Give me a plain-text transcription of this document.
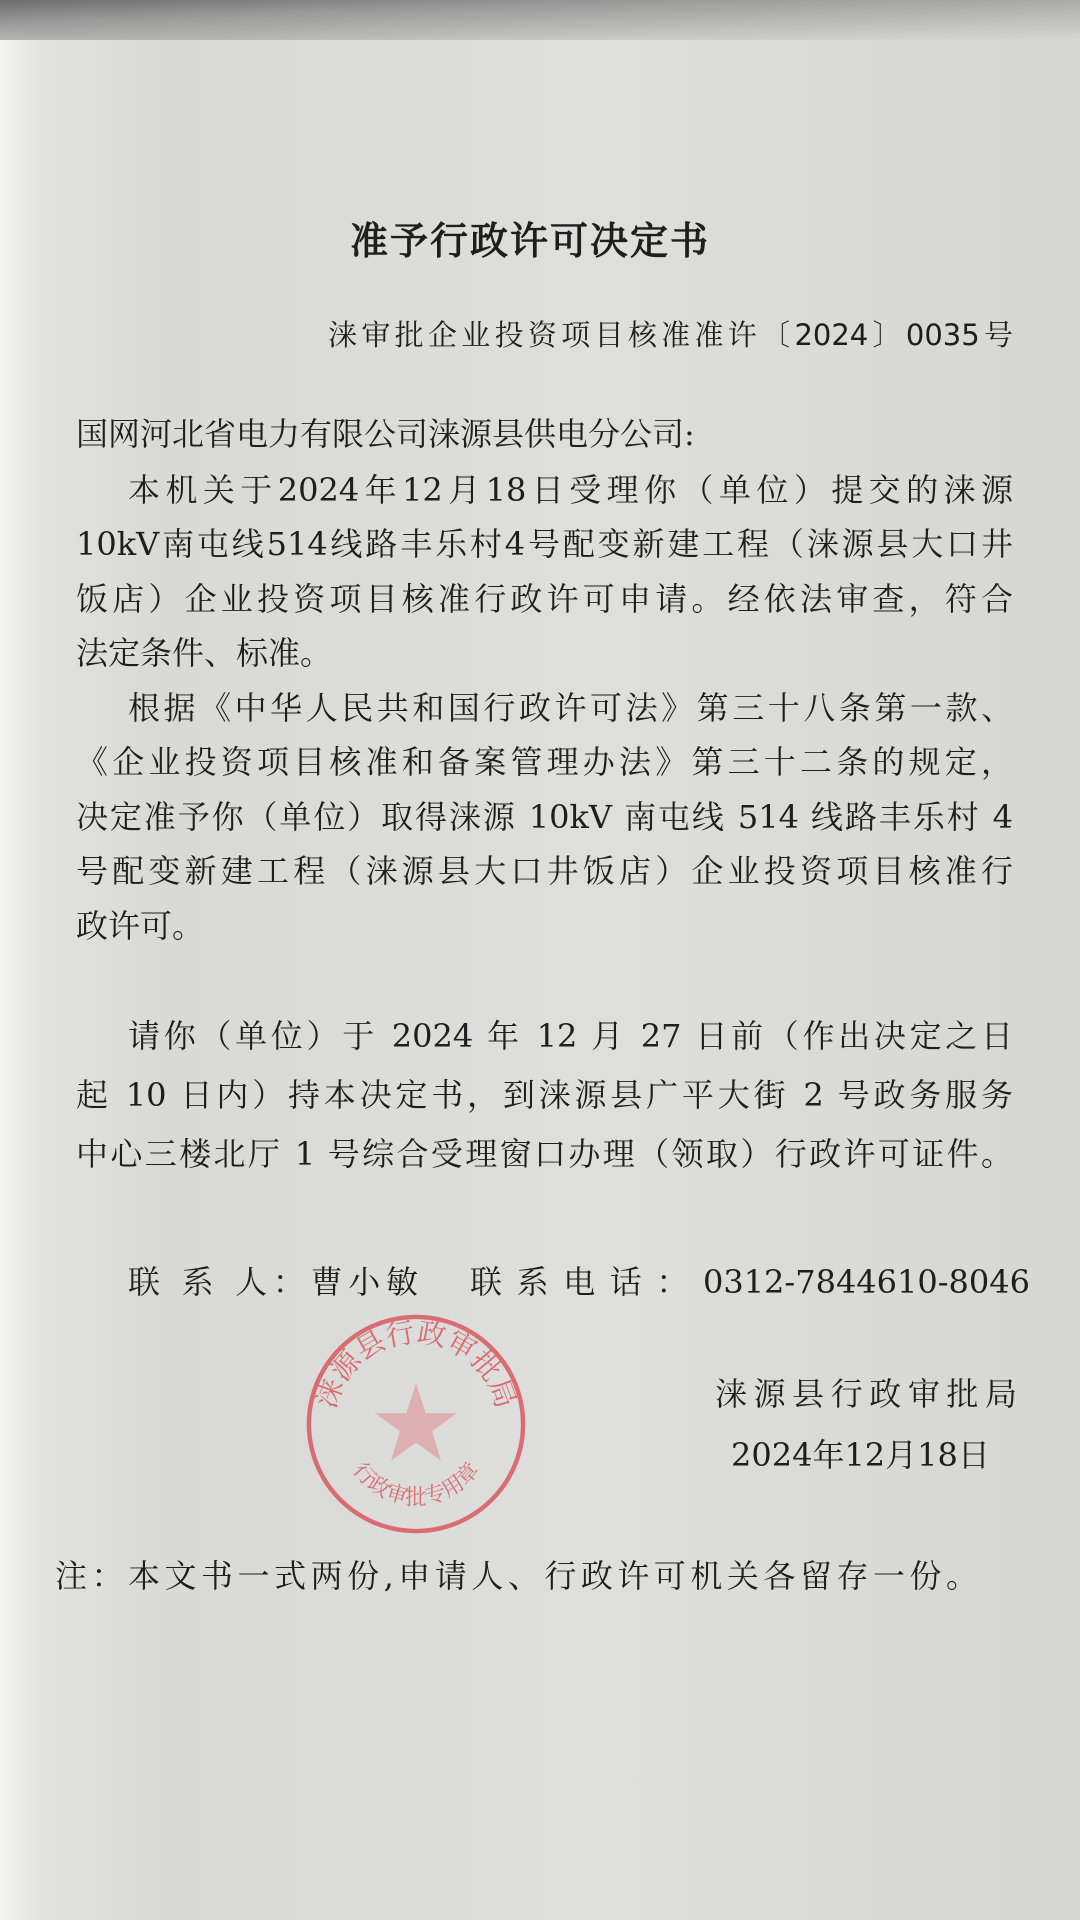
准予行政许可决定书
涞审批企业投资项目核准准许〔2024〕0035号
国网河北省电力有限公司涞源县供电分公司:
本机关于2024年12月18日受理你（单位）提交的涞源
10kV南屯线514线路丰乐村4号配变新建工程（涞源县大口井
饭店）企业投资项目核准行政许可申请。经依法审查，符合
法定条件、标准。
根据《中华人民共和国行政许可法》第三十八条第一款、
《企业投资项目核准和备案管理办法》第三十二条的规定，
决定准予你（单位）取得涞源 10kV 南屯线 514 线路丰乐村 4
号配变新建工程（涞源县大口井饭店）企业投资项目核准行
政许可。
请你（单位）于 2024 年 12 月 27 日前（作出决定之日
起 10 日内）持本决定书，到涞源县广平大街 2 号政务服务
中心三楼北厅 1 号综合受理窗口办理（领取）行政许可证件。
联 系 人：曹小敏 联系电话：0312-7844610-8046
涞源县行政审批局
行政审批专用章
涞源县行政审批局
2024年12月18日
注：本文书一式两份,申请人、行政许可机关各留存一份。
